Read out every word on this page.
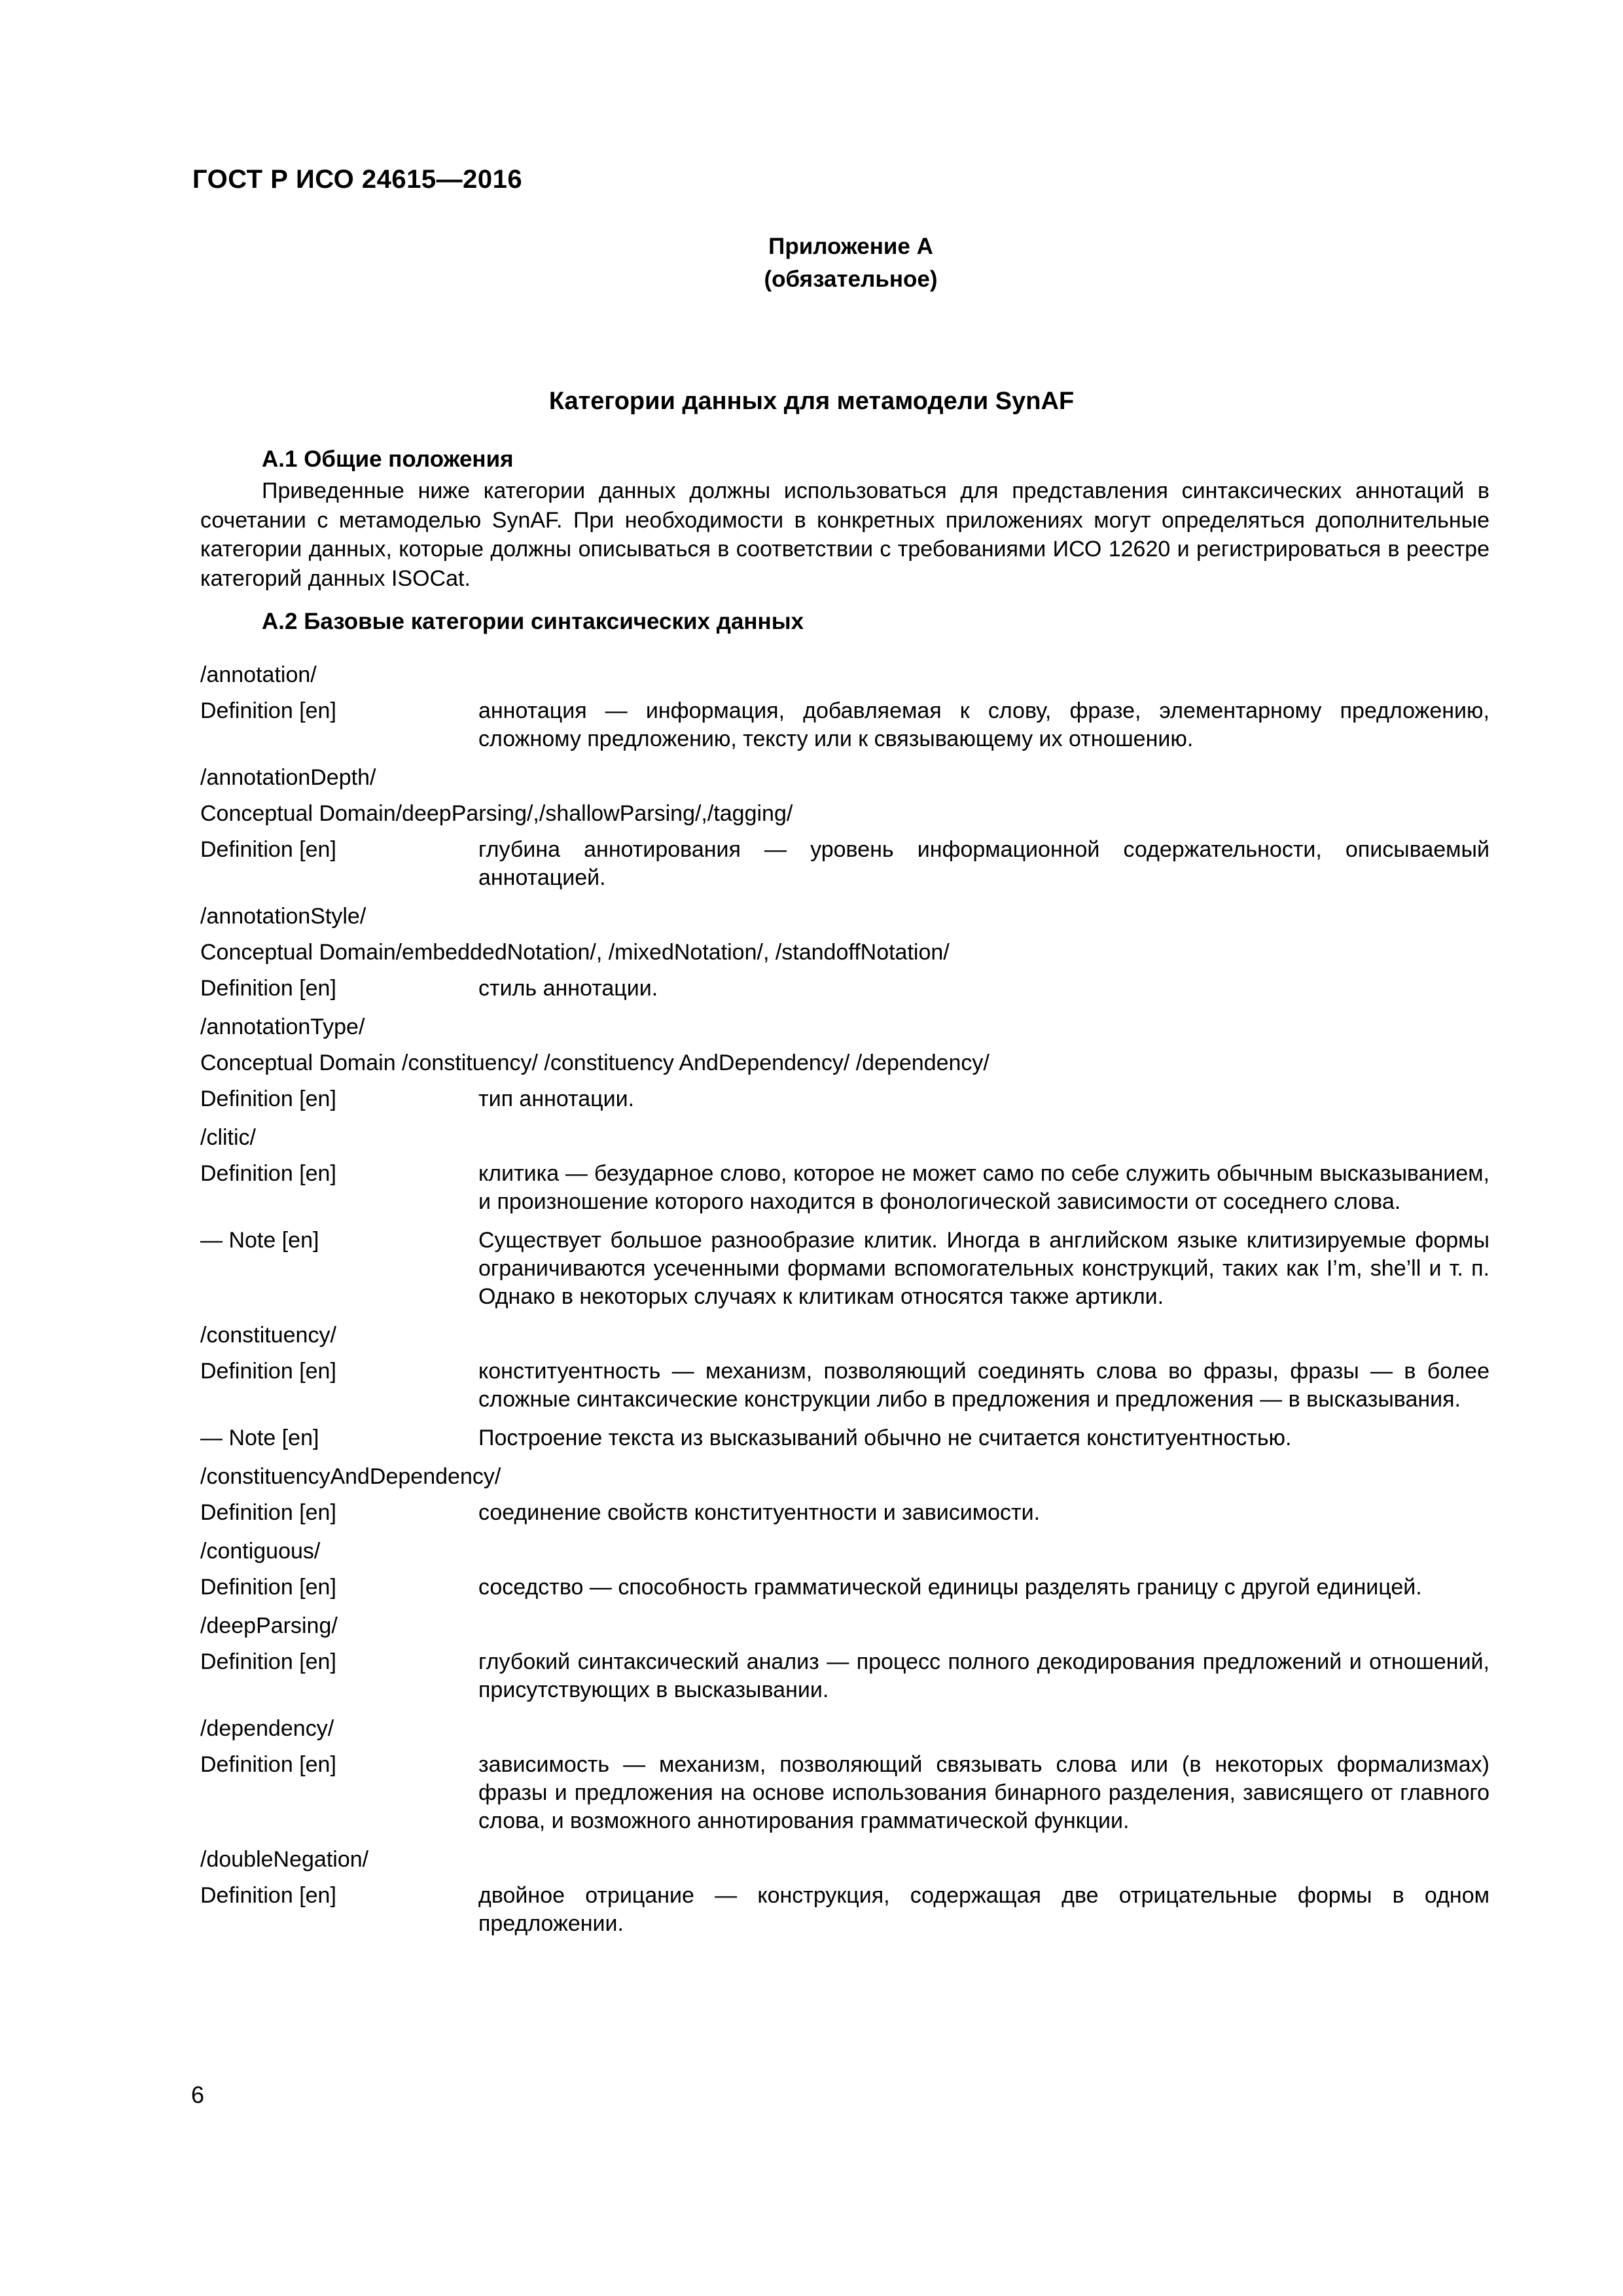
ГОСТ Р ИСО 24615—2016
Приложение А
(обязательное)
Категории данных для метамодели SynAF
А.1 Общие положения

Приведенные ниже категории данных должны использоваться для представления синтаксических аннотаций в сочетании с метамоделью SynAF. При необходимости в конкретных приложениях могут определяться дополнительные категории данных, которые должны описываться в соответствии с требованиями ИСО 12620 и регистрироваться в реестре категорий данных ISOCat.

А.2 Базовые категории синтаксических данных
/annotation/
Definition [en]	аннотация — информация, добавляемая к слову, фразе, элементарному предложению, сложному предложению, тексту или к связывающему их отношению.
/annotationDepth/
Conceptual Domain/deepParsing/,/shallowParsing/,/tagging/
Definition [en]	глубина аннотирования — уровень информационной содержательности, описываемый аннотацией.
/annotationStyle/
Conceptual Domain/embeddedNotation/, /mixedNotation/, /standoffNotation/
Definition [en]	стиль аннотации.
/annotationType/
Conceptual Domain /constituency/ /constituency AndDependency/ /dependency/
Definition [en]	тип аннотации.
/clitic/
Definition [en]	клитика — безударное слово, которое не может само по себе служить обычным высказыванием, и произношение которого находится в фонологической зависимости от соседнего слова.
— Note [en]	Существует большое разнообразие клитик. Иногда в английском языке клитизируемые формы ограничиваются усеченными формами вспомогательных конструкций, таких как I’m, she’ll и т. п. Однако в некоторых случаях к клитикам относятся также артикли.
/constituency/
Definition [en]	конституентность — механизм, позволяющий соединять слова во фразы, фразы — в более сложные синтаксические конструкции либо в предложения и предложения — в высказывания.
— Note [en]	Построение текста из высказываний обычно не считается конституентностью.
/constituencyAndDependency/
Definition [en]	соединение свойств конституентности и зависимости.
/contiguous/
Definition [en]	соседство — способность грамматической единицы разделять границу с другой единицей.
/deepParsing/
Definition [en]	глубокий синтаксический анализ — процесс полного декодирования предложений и отношений, присутствующих в высказывании.
/dependency/
Definition [en]	зависимость — механизм, позволяющий связывать слова или (в некоторых формализмах) фразы и предложения на основе использования бинарного разделения, зависящего от главного слова, и возможного аннотирования грамматической функции.
/doubleNegation/
Definition [en]	двойное отрицание — конструкция, содержащая две отрицательные формы в одном предложении.
6
